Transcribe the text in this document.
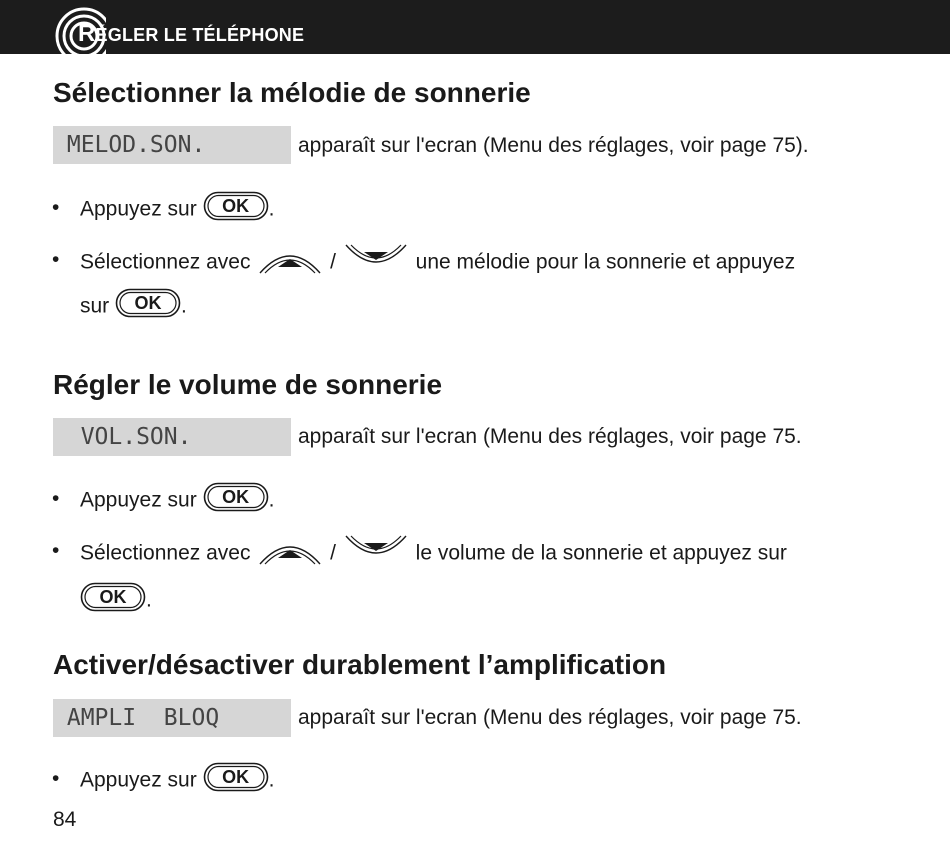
RÉGLER LE TÉLÉPHONE
Sélectionner la mélodie de sonnerie
MELOD.SON.	apparaît sur l'ecran (Menu des réglages, voir page 75).
• Appuyez sur	OK .
• Sélectionnez avec	/	une mélodie pour la sonnerie et appuyez
sur	OK .
Régler le volume de sonnerie
VOL.SON.	apparaît sur l'ecran (Menu des réglages, voir page 75.
• Appuyez sur	OK .
• Sélectionnez avec	/	le volume de la sonnerie et appuyez sur
OK .
Activer/désactiver durablement l’amplification
AMPLI  BLOQ	apparaît sur l'ecran (Menu des réglages, voir page 75.
• Appuyez sur	OK .
84
